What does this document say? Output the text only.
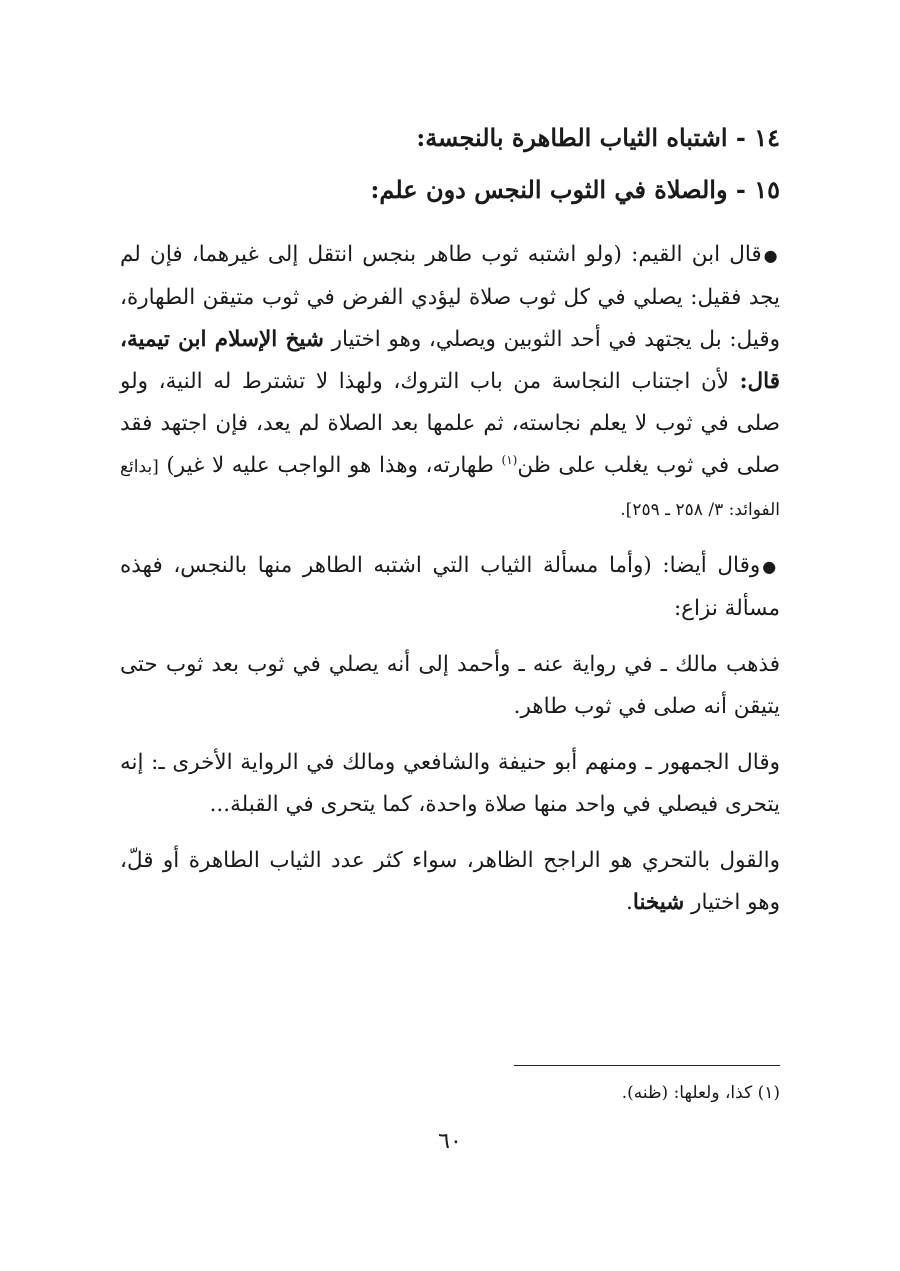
١٤ - اشتباه الثياب الطاهرة بالنجسة:

١٥ - والصلاة في الثوب النجس دون علم:

●قال ابن القيم: (ولو اشتبه ثوب طاهر بنجس انتقل إلى غيرهما، فإن لم يجد فقيل: يصلي في كل ثوب صلاة ليؤدي الفرض في ثوب متيقن الطهارة، وقيل: بل يجتهد في أحد الثوبين ويصلي، وهو اختيار شيخ الإسلام ابن تيمية، قال: لأن اجتناب النجاسة من باب التروك، ولهذا لا تشترط له النية، ولو صلى في ثوب لا يعلم نجاسته، ثم علمها بعد الصلاة لم يعد، فإن اجتهد فقد صلى في ثوب يغلب على ظن$^{(١)}$ طهارته، وهذا هو الواجب عليه لا غير) [بدائع الفوائد: ٣/ ٢٥٨ ـ ٢٥٩].

●وقال أيضا: (وأما مسألة الثياب التي اشتبه الطاهر منها بالنجس، فهذه مسألة نزاع:

فذهب مالك ـ في رواية عنه ـ وأحمد إلى أنه يصلي في ثوب بعد ثوب حتى يتيقن أنه صلى في ثوب طاهر.

وقال الجمهور ـ ومنهم أبو حنيفة والشافعي ومالك في الرواية الأخرى ـ: إنه يتحرى فيصلي في واحد منها صلاة واحدة، كما يتحرى في القبلة...

والقول بالتحري هو الراجح الظاهر، سواء كثر عدد الثياب الطاهرة أو قلّ، وهو اختيار شيخنا.

(١) كذا، ولعلها: (ظنه).

٦٠
